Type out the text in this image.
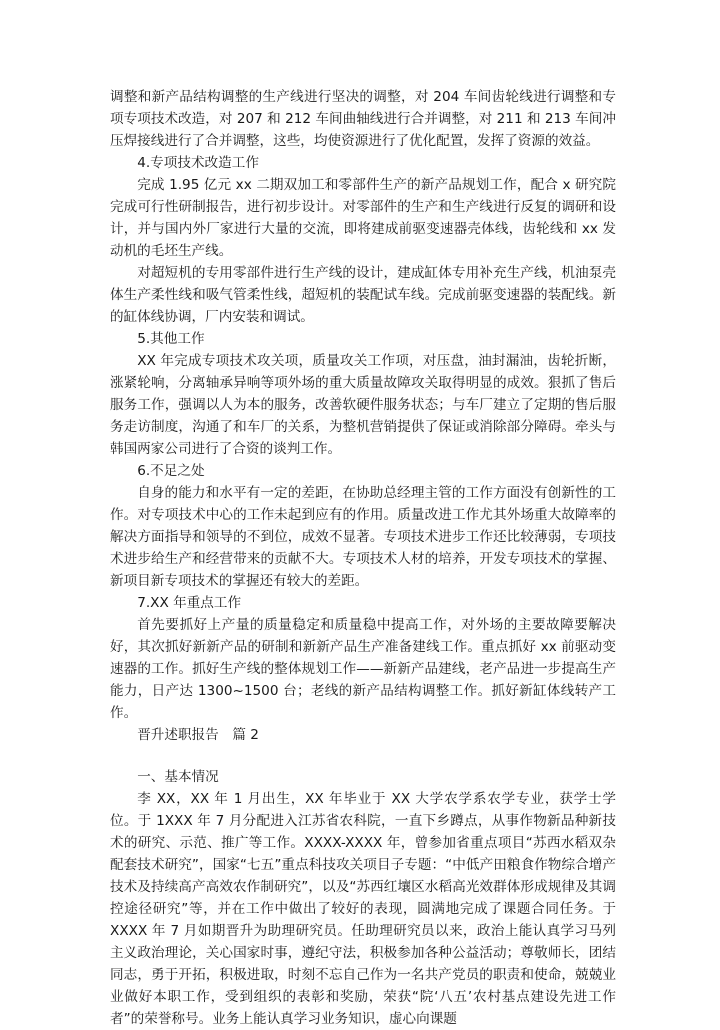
调整和新产品结构调整的生产线进行坚决的调整，对 204 车间齿轮线进行调整和专项专项技术改造，对 207 和 212 车间曲轴线进行合并调整，对 211 和 213 车间冲压焊接线进行了合并调整，这些，均使资源进行了优化配置，发挥了资源的效益。

4.专项技术改造工作

完成 1.95 亿元 xx 二期双加工和零部件生产的新产品规划工作，配合 x 研究院完成可行性研制报告，进行初步设计。对零部件的生产和生产线进行反复的调研和设计，并与国内外厂家进行大量的交流，即将建成前驱变速器壳体线，齿轮线和 xx 发动机的毛坯生产线。

对超短机的专用零部件进行生产线的设计，建成缸体专用补充生产线，机油泵壳体生产柔性线和吸气管柔性线，超短机的装配试车线。完成前驱变速器的装配线。新的缸体线协调，厂内安装和调试。

5.其他工作

XX 年完成专项技术攻关项，质量攻关工作项，对压盘，油封漏油，齿轮折断，涨紧轮响，分离轴承异响等项外场的重大质量故障攻关取得明显的成效。狠抓了售后服务工作，强调以人为本的服务，改善软硬件服务状态；与车厂建立了定期的售后服务走访制度，沟通了和车厂的关系，为整机营销提供了保证或消除部分障碍。牵头与韩国两家公司进行了合资的谈判工作。

6.不足之处

自身的能力和水平有一定的差距，在协助总经理主管的工作方面没有创新性的工作。对专项技术中心的工作未起到应有的作用。质量改进工作尤其外场重大故障率的解决方面指导和领导的不到位，成效不显著。专项技术进步工作还比较薄弱，专项技术进步给生产和经营带来的贡献不大。专项技术人材的培养，开发专项技术的掌握、新项目新专项技术的掌握还有较大的差距。

7.XX 年重点工作

首先要抓好上产量的质量稳定和质量稳中提高工作，对外场的主要故障要解决好，其次抓好新新产品的研制和新新产品生产准备建线工作。重点抓好 xx 前驱动变速器的工作。抓好生产线的整体规划工作——新新产品建线，老产品进一步提高生产能力，日产达 1300~1500 台；老线的新产品结构调整工作。抓好新缸体线转产工作。

晋升述职报告　篇 2

一、基本情况

李 XX，XX 年 1 月出生，XX 年毕业于 XX 大学农学系农学专业，获学士学位。于 1XXX 年 7 月分配进入江苏省农科院，一直下乡蹲点，从事作物新品种新技术的研究、示范、推广等工作。XXXX-XXXX 年，曾参加省重点项目“苏西水稻双杂配套技术研究”，国家“七五”重点科技攻关项目子专题：“中低产田粮食作物综合增产技术及持续高产高效农作制研究”，以及“苏西红壤区水稻高光效群体形成规律及其调控途径研究”等，并在工作中做出了较好的表现，圆满地完成了课题合同任务。于 XXXX 年 7 月如期晋升为助理研究员。任助理研究员以来，政治上能认真学习马列主义政治理论，关心国家时事，遵纪守法，积极参加各种公益活动；尊敬师长，团结同志，勇于开拓，积极进取，时刻不忘自己作为一名共产党员的职责和使命，兢兢业业做好本职工作，受到组织的表彰和奖励，荣获“院‘八五’农村基点建设先进工作者”的荣誉称号。业务上能认真学习业务知识，虚心向课题
